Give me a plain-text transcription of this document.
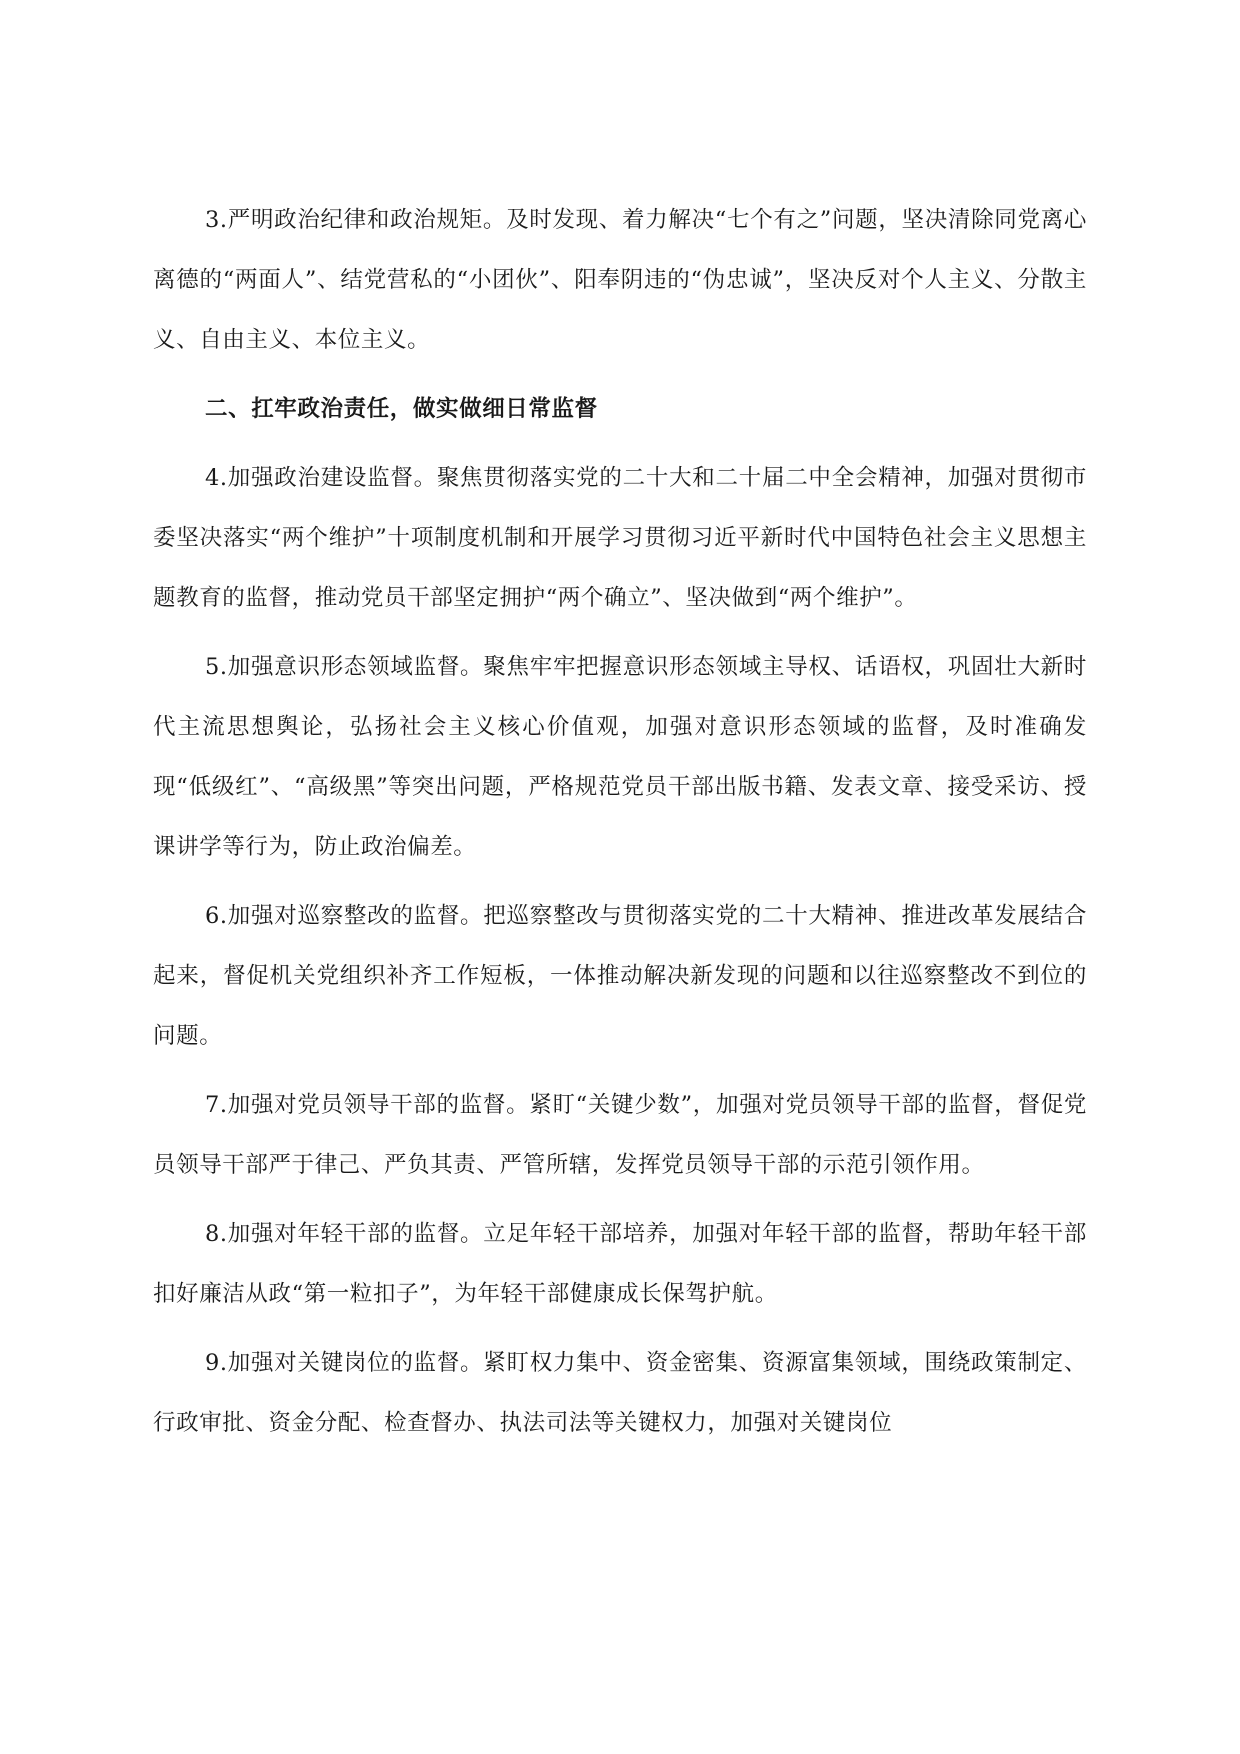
3.严明政治纪律和政治规矩。及时发现、着力解决“七个有之”问题，坚决清除同党离心离德的“两面人”、结党营私的“小团伙”、阳奉阴违的“伪忠诚”，坚决反对个人主义、分散主义、自由主义、本位主义。

二、扛牢政治责任，做实做细日常监督

4.加强政治建设监督。聚焦贯彻落实党的二十大和二十届二中全会精神，加强对贯彻市委坚决落实“两个维护”十项制度机制和开展学习贯彻习近平新时代中国特色社会主义思想主题教育的监督，推动党员干部坚定拥护“两个确立”、坚决做到“两个维护”。

5.加强意识形态领域监督。聚焦牢牢把握意识形态领域主导权、话语权，巩固壮大新时代主流思想舆论，弘扬社会主义核心价值观，加强对意识形态领域的监督，及时准确发现“低级红”、“高级黑”等突出问题，严格规范党员干部出版书籍、发表文章、接受采访、授课讲学等行为，防止政治偏差。

6.加强对巡察整改的监督。把巡察整改与贯彻落实党的二十大精神、推进改革发展结合起来，督促机关党组织补齐工作短板，一体推动解决新发现的问题和以往巡察整改不到位的问题。

7.加强对党员领导干部的监督。紧盯“关键少数”，加强对党员领导干部的监督，督促党员领导干部严于律己、严负其责、严管所辖，发挥党员领导干部的示范引领作用。

8.加强对年轻干部的监督。立足年轻干部培养，加强对年轻干部的监督，帮助年轻干部扣好廉洁从政“第一粒扣子”，为年轻干部健康成长保驾护航。

9.加强对关键岗位的监督。紧盯权力集中、资金密集、资源富集领域，围绕政策制定、行政审批、资金分配、检查督办、执法司法等关键权力，加强对关键岗位
